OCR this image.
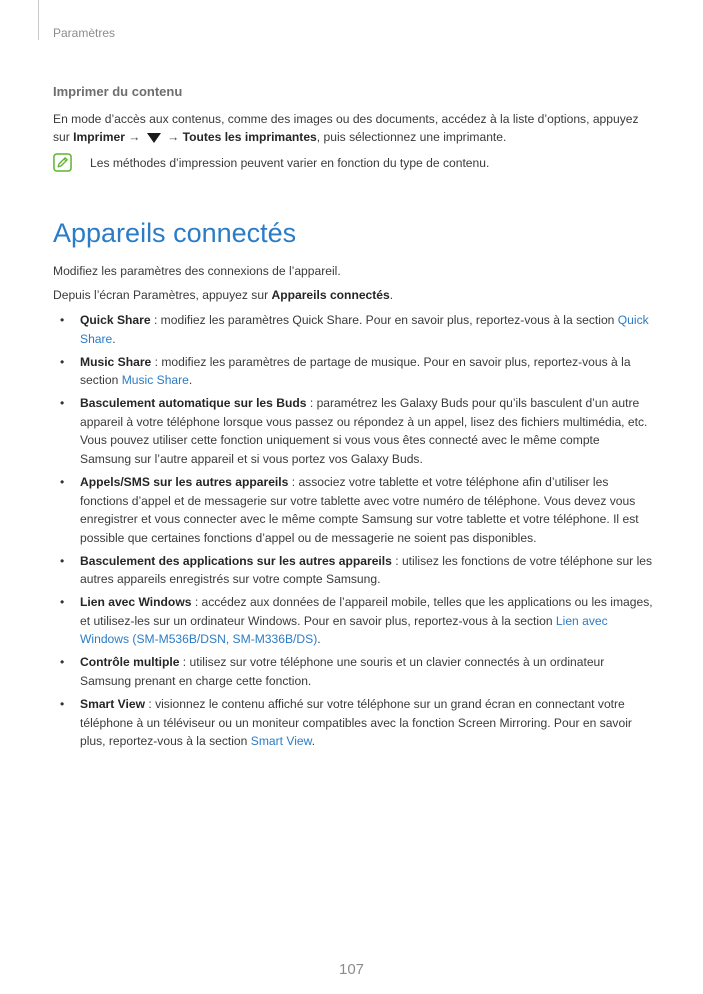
Paramètres
Imprimer du contenu
En mode d’accès aux contenus, comme des images ou des documents, accédez à la liste d’options, appuyez sur Imprimer →  → Toutes les imprimantes, puis sélectionnez une imprimante.
Les méthodes d’impression peuvent varier en fonction du type de contenu.
Appareils connectés
Modifiez les paramètres des connexions de l’appareil.
Depuis l’écran Paramètres, appuyez sur Appareils connectés.
• Quick Share : modifiez les paramètres Quick Share. Pour en savoir plus, reportez-vous à la section Quick Share.
• Music Share : modifiez les paramètres de partage de musique. Pour en savoir plus, reportez-vous à la section Music Share.
• Basculement automatique sur les Buds : paramétrez les Galaxy Buds pour qu’ils basculent d’un autre appareil à votre téléphone lorsque vous passez ou répondez à un appel, lisez des fichiers multimédia, etc. Vous pouvez utiliser cette fonction uniquement si vous vous êtes connecté avec le même compte Samsung sur l’autre appareil et si vous portez vos Galaxy Buds.
• Appels/SMS sur les autres appareils : associez votre tablette et votre téléphone afin d’utiliser les fonctions d’appel et de messagerie sur votre tablette avec votre numéro de téléphone. Vous devez vous enregistrer et vous connecter avec le même compte Samsung sur votre tablette et votre téléphone. Il est possible que certaines fonctions d’appel ou de messagerie ne soient pas disponibles.
• Basculement des applications sur les autres appareils : utilisez les fonctions de votre téléphone sur les autres appareils enregistrés sur votre compte Samsung.
• Lien avec Windows : accédez aux données de l’appareil mobile, telles que les applications ou les images, et utilisez-les sur un ordinateur Windows. Pour en savoir plus, reportez-vous à la section Lien avec Windows (SM-M536B/DSN, SM-M336B/DS).
• Contrôle multiple : utilisez sur votre téléphone une souris et un clavier connectés à un ordinateur Samsung prenant en charge cette fonction.
• Smart View : visionnez le contenu affiché sur votre téléphone sur un grand écran en connectant votre téléphone à un téléviseur ou un moniteur compatibles avec la fonction Screen Mirroring. Pour en savoir plus, reportez-vous à la section Smart View.
107
